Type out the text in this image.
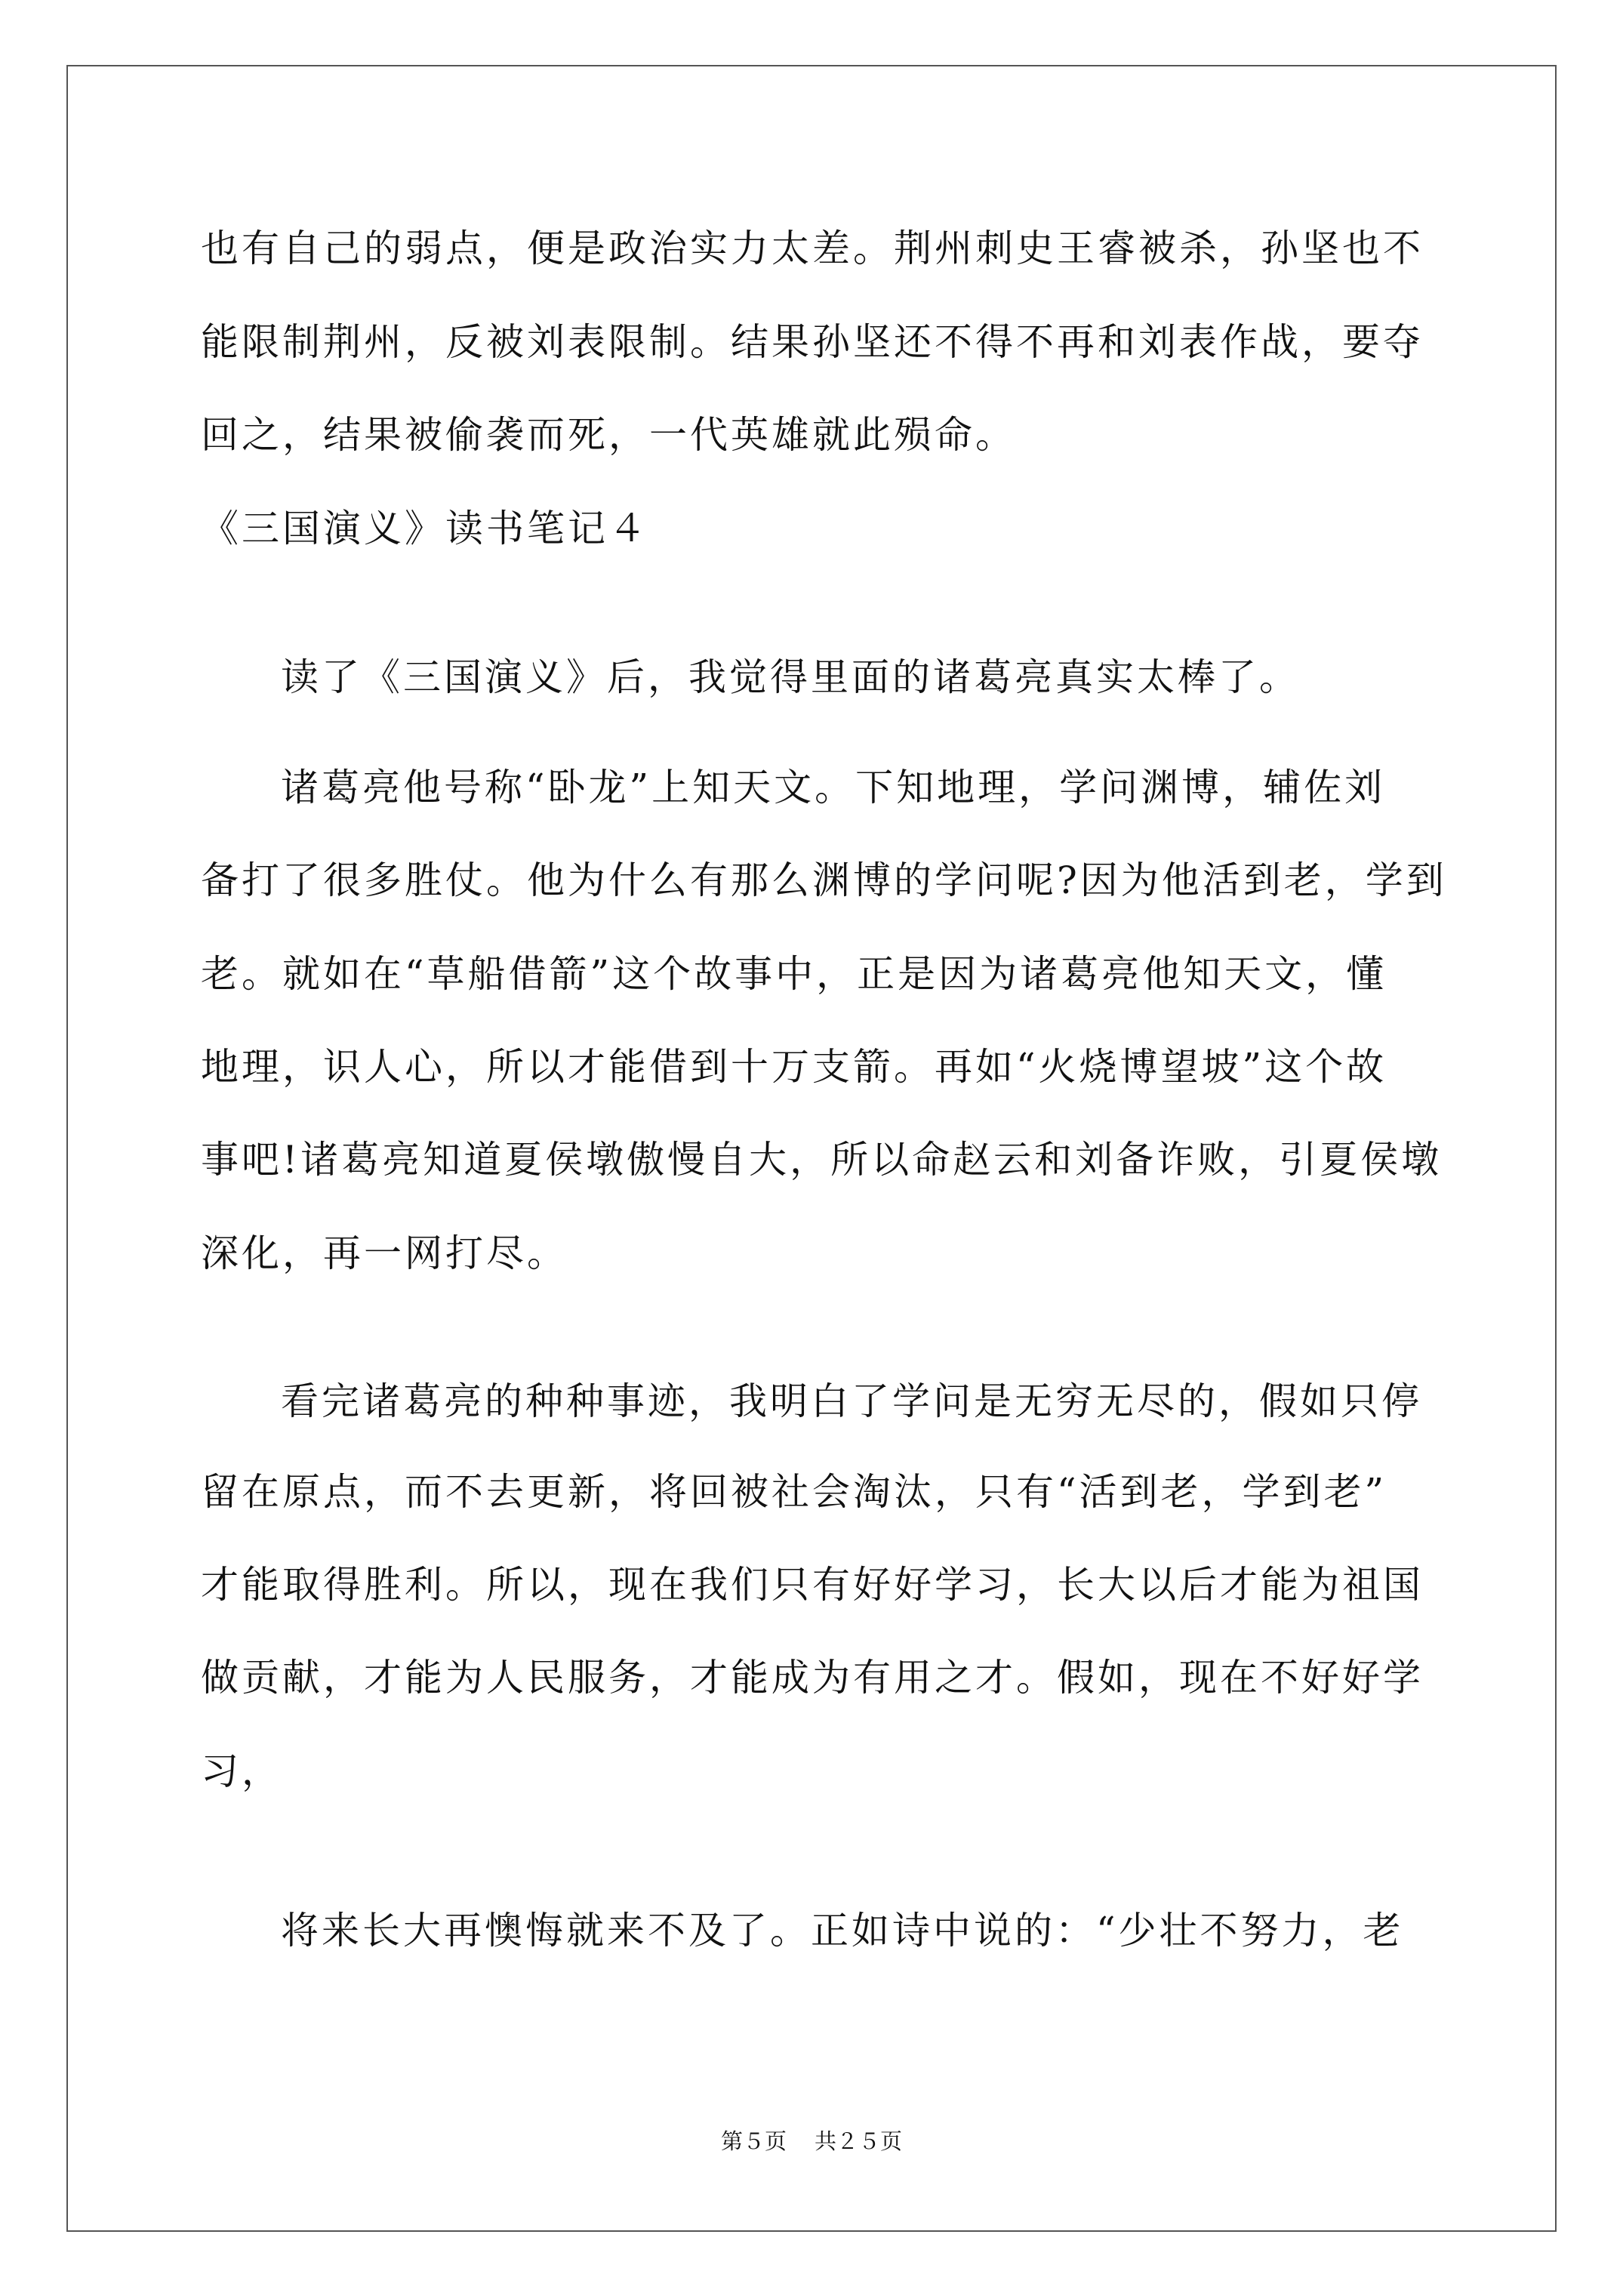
也有自己的弱点，便是政治实力太差。荆州刺史王睿被杀，孙坚也不
能限制荆州，反被刘表限制。结果孙坚还不得不再和刘表作战，要夺
回之，结果被偷袭而死，一代英雄就此殒命。
《三国演义》读书笔记４
读了《三国演义》后，我觉得里面的诸葛亮真实太棒了。
诸葛亮他号称“卧龙”上知天文。下知地理，学问渊博，辅佐刘
备打了很多胜仗。他为什么有那么渊博的学问呢?因为他活到老，学到
老。就如在“草船借箭”这个故事中，正是因为诸葛亮他知天文，懂
地理，识人心，所以才能借到十万支箭。再如“火烧博望坡”这个故
事吧!诸葛亮知道夏侯墩傲慢自大，所以命赵云和刘备诈败，引夏侯墩
深化，再一网打尽。
看完诸葛亮的种种事迹，我明白了学问是无穷无尽的，假如只停
留在原点，而不去更新，将回被社会淘汰，只有“活到老，学到老”
才能取得胜利。所以，现在我们只有好好学习，长大以后才能为祖国
做贡献，才能为人民服务，才能成为有用之才。假如，现在不好好学
习，
将来长大再懊悔就来不及了。正如诗中说的：“少壮不努力，老
第５页 共２５页
